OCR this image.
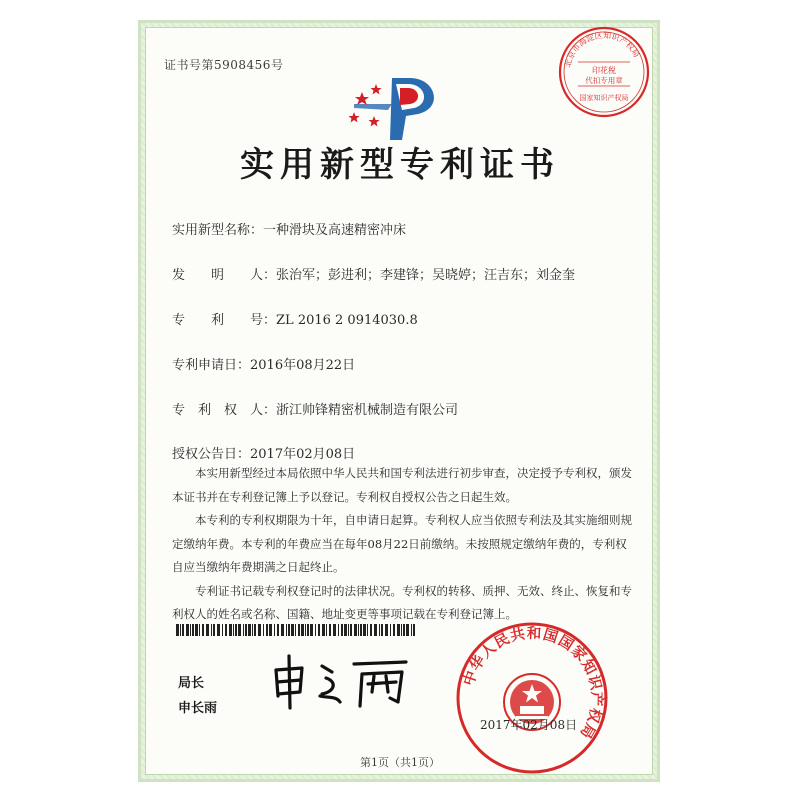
证书号第5908456号	北京市海淀区知识产权局
印花税
代扣专用章
国家知识产权局
实用新型专利证书
实用新型名称：一种滑块及高速精密冲床
发　　明　　人：张治军；彭进利；李建锋；吴晓婷；汪吉东；刘金奎
专　　利　　号：ZL 2016 2 0914030.8
专利申请日：2016年08月22日
专　利　权　人：浙江帅锋精密机械制造有限公司
授权公告日：2017年02月08日

本实用新型经过本局依照中华人民共和国专利法进行初步审查，决定授予专利权，颁发本证书并在专利登记簿上予以登记。专利权自授权公告之日起生效。

本专利的专利权期限为十年，自申请日起算。专利权人应当依照专利法及其实施细则规定缴纳年费。本专利的年费应当在每年08月22日前缴纳。未按照规定缴纳年费的，专利权自应当缴纳年费期满之日起终止。

专利证书记载专利权登记时的法律状况。专利权的转移、质押、无效、终止、恢复和专利权人的姓名或名称、国籍、地址变更等事项记载在专利登记簿上。

局长
申长雨
中华人民共和国国家知识产权局
2017年02月08日
第1页（共1页）
